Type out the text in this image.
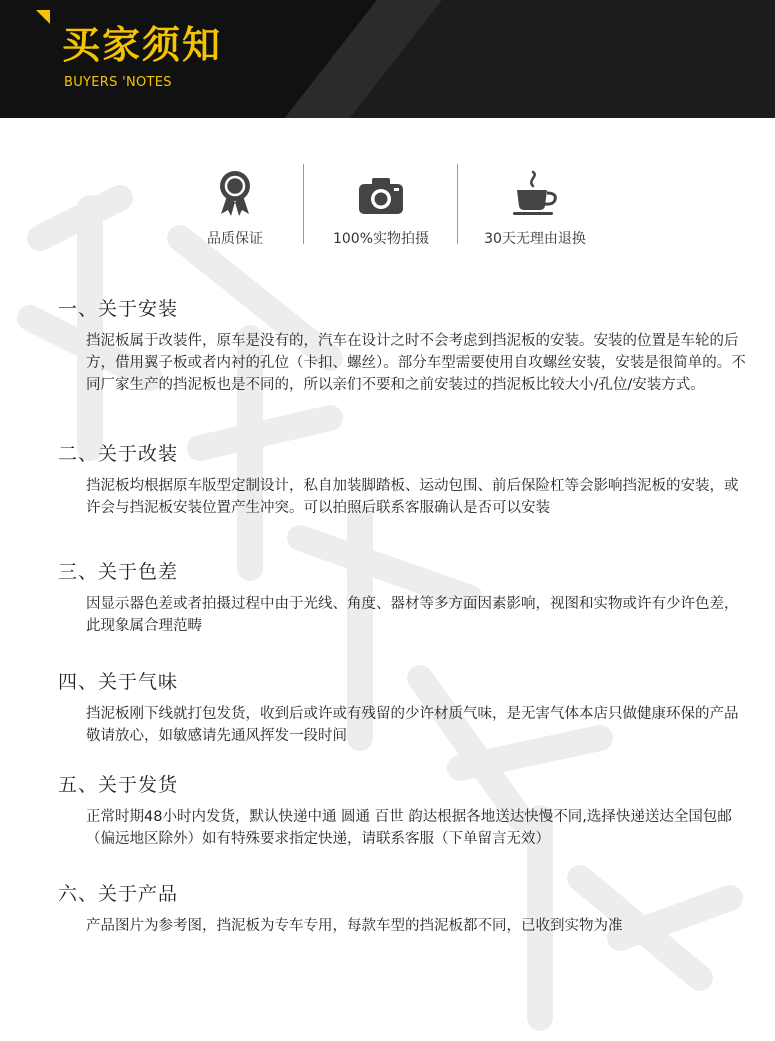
买家须知
BUYERS 'NOTES
品质保证	100%实物拍摄	30天无理由退换
一、关于安装

挡泥板属于改装件，原车是没有的，汽车在设计之时不会考虑到挡泥板的安装。安装的位置是车轮的后方，借用翼子板或者内衬的孔位（卡扣、螺丝）。部分车型需要使用自攻螺丝安装，安装是很简单的。不同厂家生产的挡泥板也是不同的，所以亲们不要和之前安装过的挡泥板比较大小/孔位/安装方式。

二、关于改装

挡泥板均根据原车版型定制设计，私自加装脚踏板、运动包围、前后保险杠等会影响挡泥板的安装，或许会与挡泥板安装位置产生冲突。可以拍照后联系客服确认是否可以安装

三、关于色差

因显示器色差或者拍摄过程中由于光线、角度、器材等多方面因素影响，视图和实物或许有少许色差，此现象属合理范畴

四、关于气味

挡泥板刚下线就打包发货，收到后或许或有残留的少许材质气味，是无害气体本店只做健康环保的产品敬请放心，如敏感请先通风挥发一段时间

五、关于发货

正常时期48小时内发货，默认快递中通 圆通 百世 韵达根据各地送达快慢不同,选择快递送达全国包邮（偏远地区除外）如有特殊要求指定快递，请联系客服（下单留言无效）

六、关于产品

产品图片为参考图，挡泥板为专车专用，每款车型的挡泥板都不同，已收到实物为准
